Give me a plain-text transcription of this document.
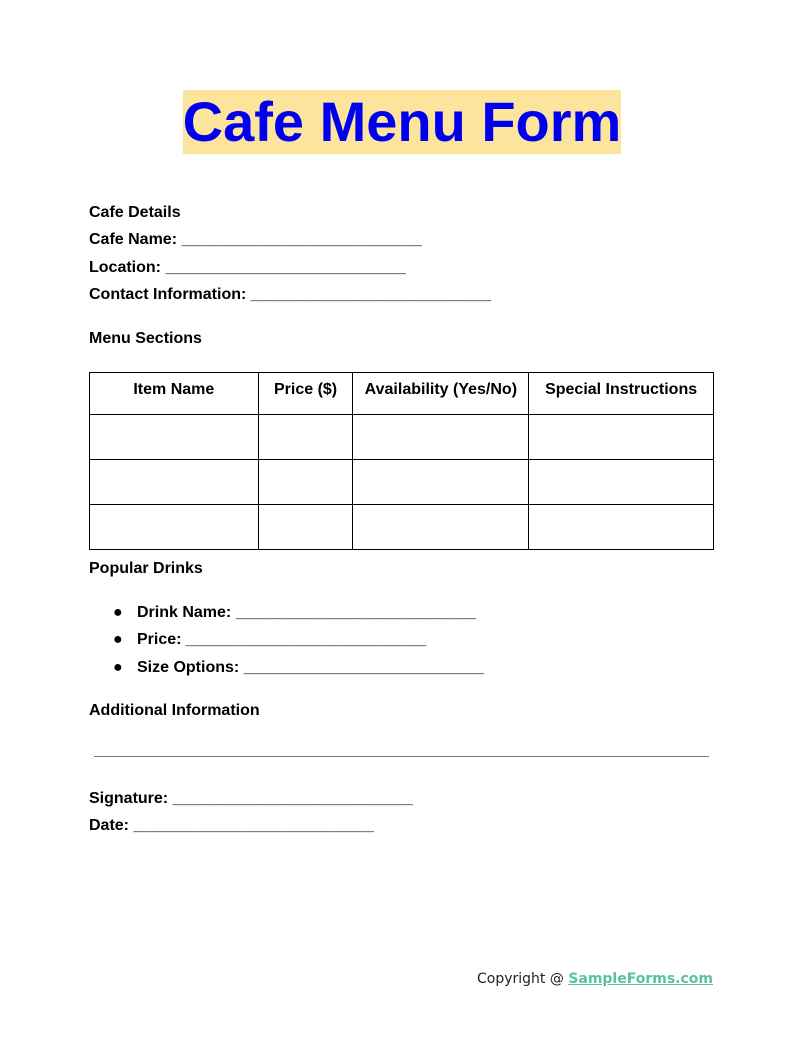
Cafe Menu Form
Cafe Details
Cafe Name: ___________________________
Location: ___________________________
Contact Information: ___________________________
Menu Sections
Item Name	Price ($)	Availability (Yes/No)	Special Instructions

Popular Drinks
● Drink Name: ___________________________
● Price: ___________________________
● Size Options: ___________________________
Additional Information
Signature: ___________________________
Date: ___________________________
Copyright @ SampleForms.com
